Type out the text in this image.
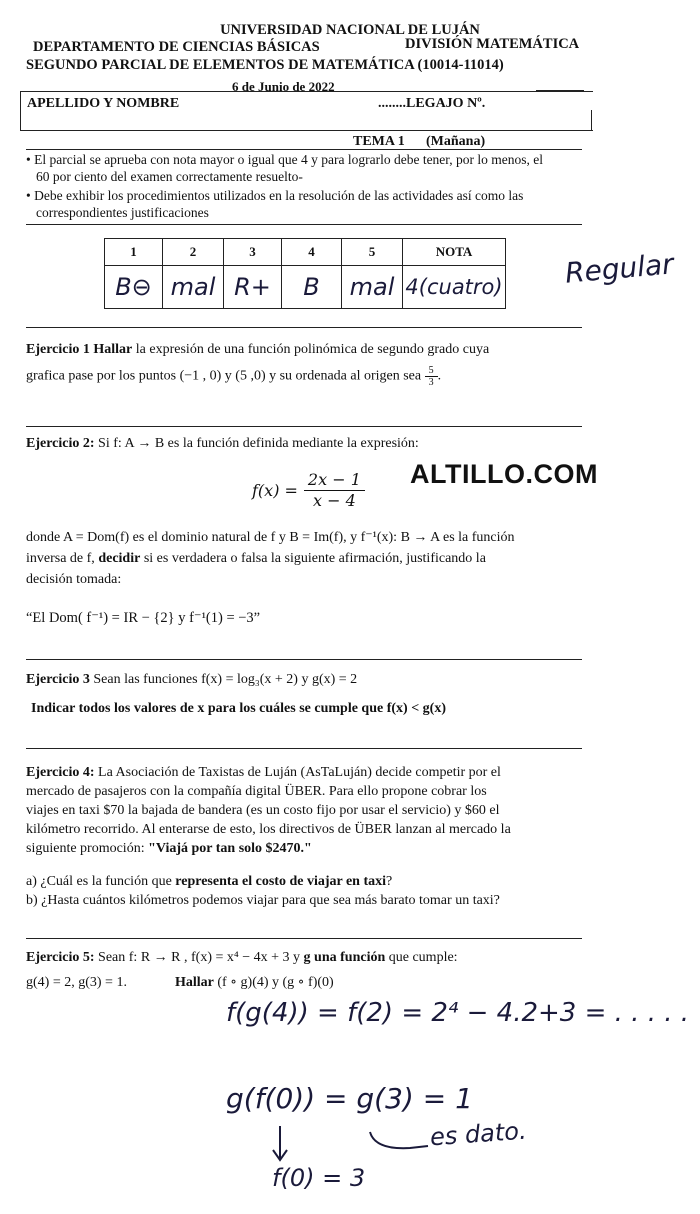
UNIVERSIDAD NACIONAL DE LUJÁN
DEPARTAMENTO DE CIENCIAS BÁSICAS	DIVISIÓN MATEMÁTICA
SEGUNDO PARCIAL DE ELEMENTOS DE MATEMÁTICA (10014-11014)
6 de Junio de 2022
APELLIDO Y NOMBRE	........LEGAJO Nº.
TEMA 1 (Mañana)
• El parcial se aprueba con nota mayor o igual que 4 y para lograrlo debe tener, por lo menos, el
60 por ciento del examen correctamente resuelto-
• Debe exhibir los procedimientos utilizados en la resolución de las actividades así como las
correspondientes justificaciones
1	2	3	4	5	NOTA
B⊖	mal	R+	B	mal	4(cuatro) Regular
Ejercicio 1 Hallar la expresión de una función polinómica de segundo grado cuya
grafica pase por los puntos (−1 , 0) y (5 ,0) y su ordenada al origen sea $\frac{5}{3}$ .
Ejercicio 2: Si f: A → B es la función definida mediante la expresión:
$f(x) = \frac{2x - 1}{x - 4}$ ALTILLO.COM
donde A = Dom(f) es el dominio natural de f y B = Im(f), y f⁻¹(x): B → A es la función
inversa de f, decidir si es verdadera o falsa la siguiente afirmación, justificando la
decisión tomada:
“El Dom( f⁻¹) = IR − {2} y f⁻¹(1) = −3”
Ejercicio 3 Sean las funciones f(x) = log₃(x + 2) y g(x) = 2
Indicar todos los valores de x para los cuáles se cumple que f(x) < g(x)
Ejercicio 4: La Asociación de Taxistas de Luján (AsTaLuján) decide competir por el
mercado de pasajeros con la compañía digital ÜBER. Para ello propone cobrar los
viajes en taxi $70 la bajada de bandera (es un costo fijo por usar el servicio) y $60 el
kilómetro recorrido. Al enterarse de esto, los directivos de ÜBER lanzan al mercado la
siguiente promoción: "Viajá por tan solo $2470."
a) ¿Cuál es la función que representa el costo de viajar en taxi?
b) ¿Hasta cuántos kilómetros podemos viajar para que sea más barato tomar un taxi?
Ejercicio 5: Sean f: R → R , f(x) = x⁴ − 4x + 3 y g una función que cumple:
g(4) = 2, g(3) = 1.	Hallar (f ∘ g)(4) y (g ∘ f)(0)
f(g(4)) = f(2) = 2⁴ − 4.2+3 = . . . . .
g(f(0)) = g(3) = 1
es dato.
f(0) = 3
